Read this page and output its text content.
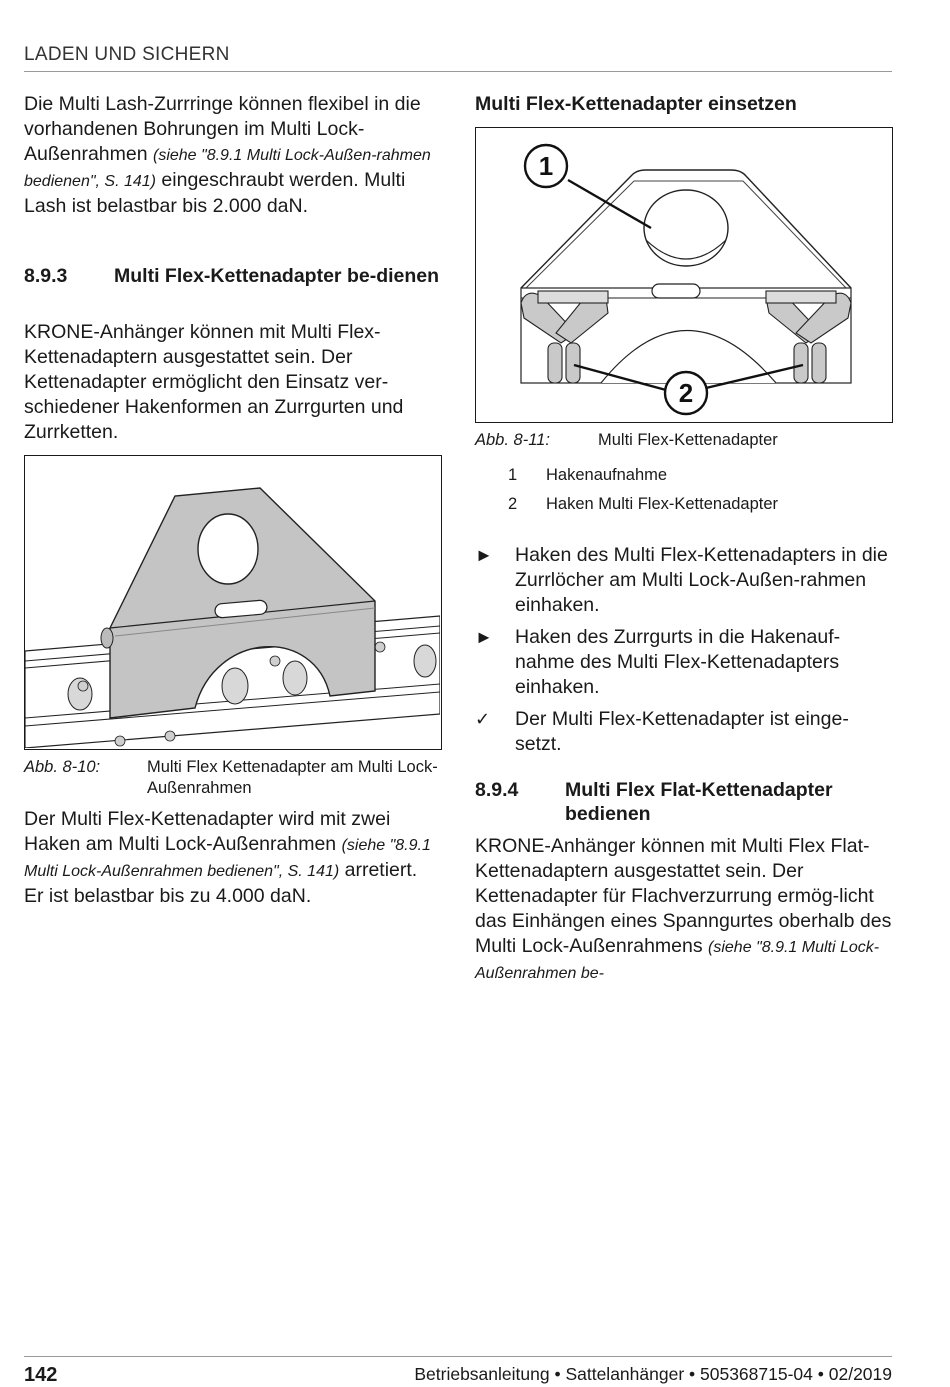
LADEN UND SICHERN
Die Multi Lash-Zurrringe können flexibel in die vorhandenen Bohrungen im Multi Lock-Außenrahmen (siehe "8.9.1 Multi Lock-Außen-rahmen bedienen", S. 141) eingeschraubt werden. Multi Lash ist belastbar bis 2.000 daN.
8.9.3	Multi Flex-Kettenadapter be-dienen
KRONE-Anhänger können mit Multi Flex-Kettenadaptern ausgestattet sein. Der Kettenadapter ermöglicht den Einsatz ver-schiedener Hakenformen an Zurrgurten und Zurrketten.
Abb. 8-10:	Multi Flex Kettenadapter am Multi Lock-Außenrahmen
Der Multi Flex-Kettenadapter wird mit zwei Haken am Multi Lock-Außenrahmen (siehe "8.9.1 Multi Lock-Außenrahmen bedienen", S. 141) arretiert. Er ist belastbar bis zu 4.000 daN.
Multi Flex-Kettenadapter einsetzen
1
2
Abb. 8-11:	Multi Flex-Kettenadapter
1	Hakenaufnahme
2	Haken Multi Flex-Kettenadapter
►	Haken des Multi Flex-Kettenadapters in die Zurrlöcher am Multi Lock-Außen-rahmen einhaken.
►	Haken des Zurrgurts in die Hakenauf-nahme des Multi Flex-Kettenadapters einhaken.
✓	Der Multi Flex-Kettenadapter ist einge-setzt.
8.9.4	Multi Flex Flat-Kettenadapter bedienen
KRONE-Anhänger können mit Multi Flex Flat-Kettenadaptern ausgestattet sein. Der Kettenadapter für Flachverzurrung ermög-licht das Einhängen eines Spanngurtes oberhalb des Multi Lock-Außenrahmens (siehe "8.9.1 Multi Lock-Außenrahmen be-
142	Betriebsanleitung • Sattelanhänger • 505368715-04 • 02/2019
